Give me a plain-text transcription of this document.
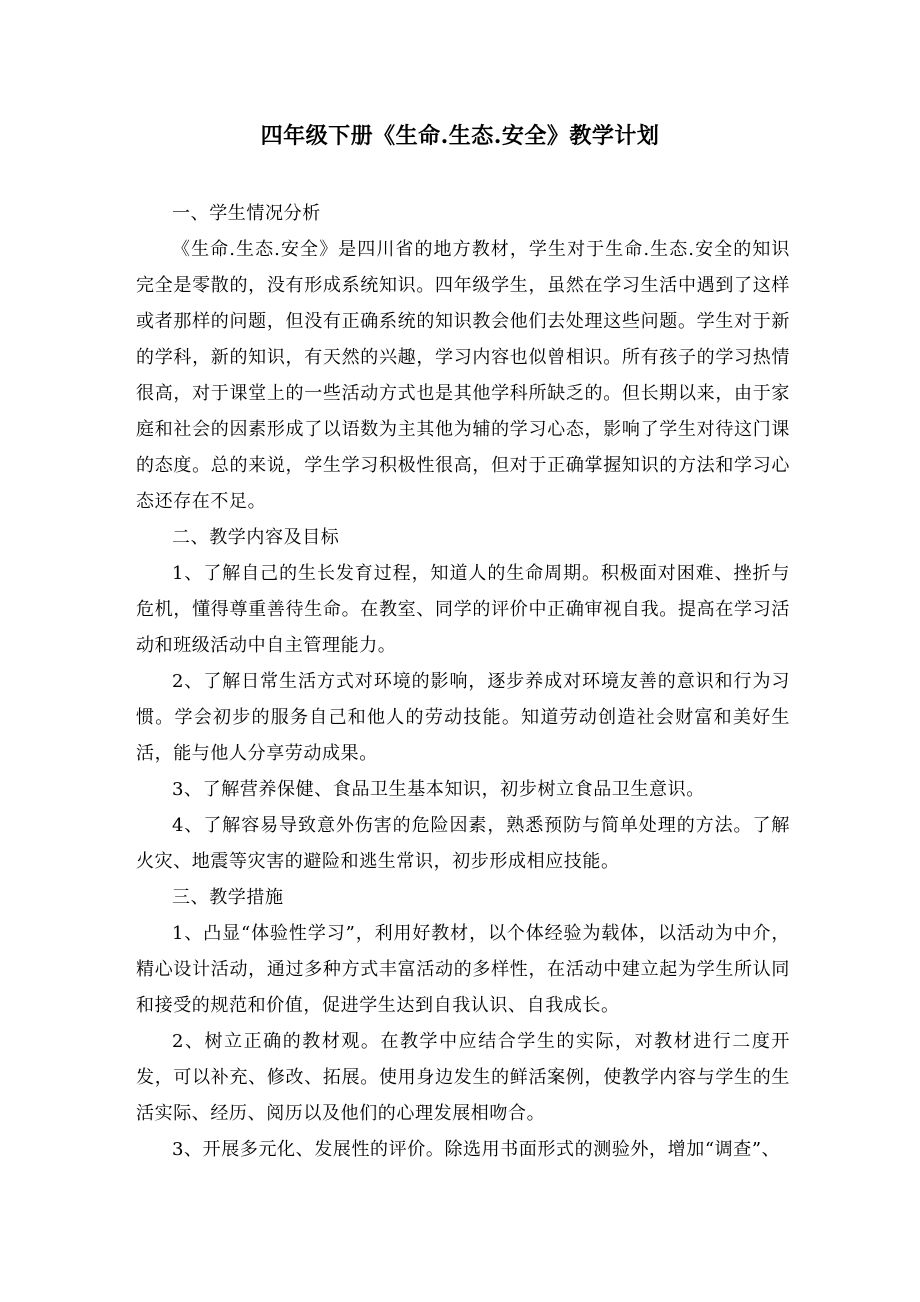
四年级下册《生命.生态.安全》教学计划

一、学生情况分析

《生命.生态.安全》是四川省的地方教材，学生对于生命.生态.安全的知识完全是零散的，没有形成系统知识。四年级学生，虽然在学习生活中遇到了这样或者那样的问题，但没有正确系统的知识教会他们去处理这些问题。学生对于新的学科，新的知识，有天然的兴趣，学习内容也似曾相识。所有孩子的学习热情很高，对于课堂上的一些活动方式也是其他学科所缺乏的。但长期以来，由于家庭和社会的因素形成了以语数为主其他为辅的学习心态，影响了学生对待这门课的态度。总的来说，学生学习积极性很高，但对于正确掌握知识的方法和学习心态还存在不足。

二、教学内容及目标

1、了解自己的生长发育过程，知道人的生命周期。积极面对困难、挫折与危机，懂得尊重善待生命。在教室、同学的评价中正确审视自我。提高在学习活动和班级活动中自主管理能力。

2、了解日常生活方式对环境的影响，逐步养成对环境友善的意识和行为习惯。学会初步的服务自己和他人的劳动技能。知道劳动创造社会财富和美好生活，能与他人分享劳动成果。

3、了解营养保健、食品卫生基本知识，初步树立食品卫生意识。

4、了解容易导致意外伤害的危险因素，熟悉预防与简单处理的方法。了解火灾、地震等灾害的避险和逃生常识，初步形成相应技能。

三、教学措施

1、凸显“体验性学习”，利用好教材，以个体经验为载体，以活动为中介，精心设计活动，通过多种方式丰富活动的多样性，在活动中建立起为学生所认同和接受的规范和价值，促进学生达到自我认识、自我成长。

2、树立正确的教材观。在教学中应结合学生的实际，对教材进行二度开发，可以补充、修改、拓展。使用身边发生的鲜活案例，使教学内容与学生的生活实际、经历、阅历以及他们的心理发展相吻合。

3、开展多元化、发展性的评价。除选用书面形式的测验外，增加“调查”、
